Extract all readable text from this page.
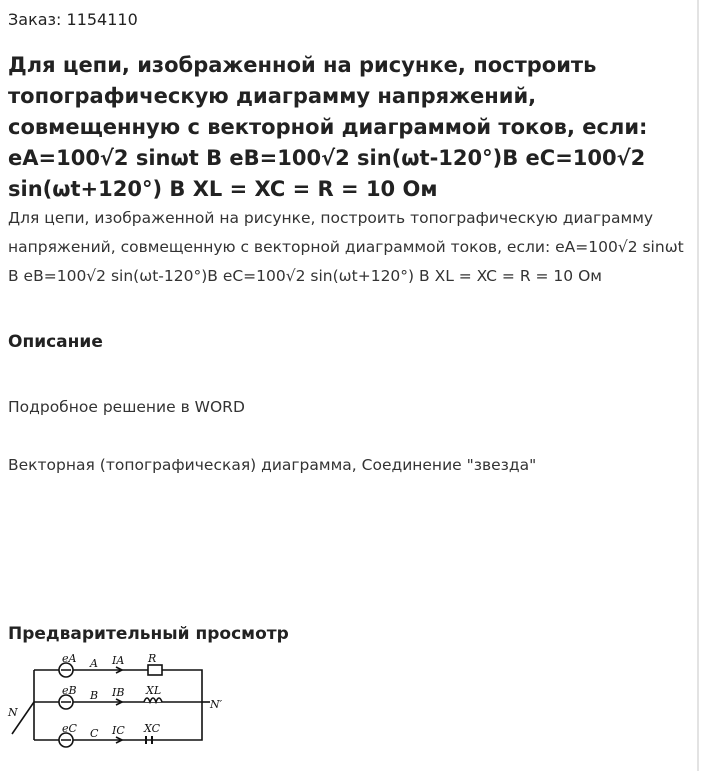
Заказ: 1154110
Для цепи, изображенной на рисунке, построить топографическую диаграмму напряжений, совмещенную с векторной диаграммой токов, если: eA=100√2 sinωt В eB=100√2 sin(ωt-120°)В eC=100√2 sin(ωt+120°) В XL = XC = R = 10 Ом
Для цепи, изображенной на рисунке, построить топографическую диаграмму напряжений, совмещенную с векторной диаграммой токов, если: eA=100√2 sinωt В eB=100√2 sin(ωt-120°)В eC=100√2 sin(ωt+120°) В XL = XC = R = 10 Ом
Описание
Подробное решение в WORD
Векторная (топографическая) диаграмма, Соединение "звезда"
Предварительный просмотр
eA
eB
eC
A
B
C
IA
IB
IC
R
XL
XC
N
N′
